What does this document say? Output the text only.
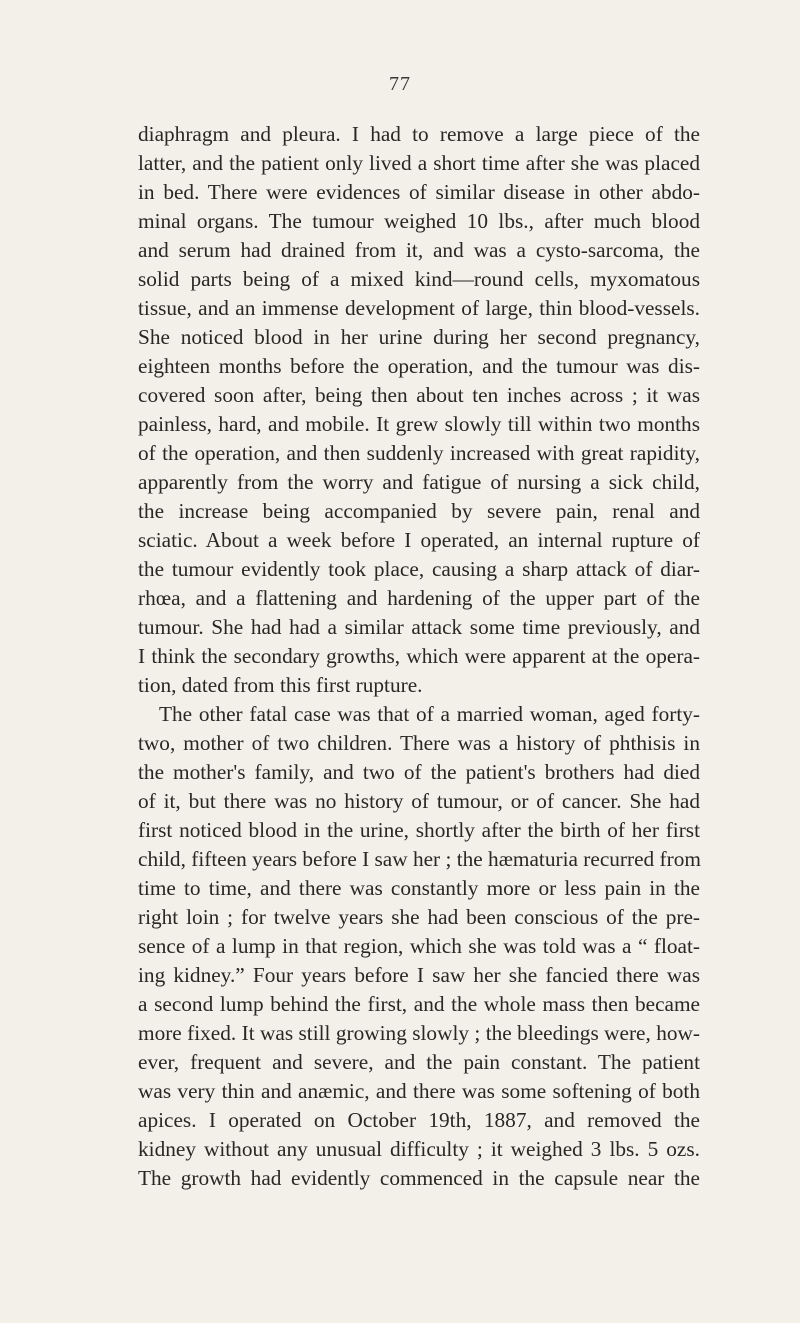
77
diaphragm and pleura. I had to remove a large piece of the
latter, and the patient only lived a short time after she was placed
in bed. There were evidences of similar disease in other abdo-
minal organs. The tumour weighed 10 lbs., after much blood
and serum had drained from it, and was a cysto-sarcoma, the
solid parts being of a mixed kind—round cells, myxomatous
tissue, and an immense development of large, thin blood-vessels.
She noticed blood in her urine during her second pregnancy,
eighteen months before the operation, and the tumour was dis-
covered soon after, being then about ten inches across ; it was
painless, hard, and mobile. It grew slowly till within two months
of the operation, and then suddenly increased with great rapidity,
apparently from the worry and fatigue of nursing a sick child,
the increase being accompanied by severe pain, renal and
sciatic. About a week before I operated, an internal rupture of
the tumour evidently took place, causing a sharp attack of diar-
rhœa, and a flattening and hardening of the upper part of the
tumour. She had had a similar attack some time previously, and
I think the secondary growths, which were apparent at the opera-
tion, dated from this first rupture.
The other fatal case was that of a married woman, aged forty-
two, mother of two children. There was a history of phthisis in
the mother's family, and two of the patient's brothers had died
of it, but there was no history of tumour, or of cancer. She had
first noticed blood in the urine, shortly after the birth of her first
child, fifteen years before I saw her ; the hæmaturia recurred from
time to time, and there was constantly more or less pain in the
right loin ; for twelve years she had been conscious of the pre-
sence of a lump in that region, which she was told was a “ float-
ing kidney.” Four years before I saw her she fancied there was
a second lump behind the first, and the whole mass then became
more fixed. It was still growing slowly ; the bleedings were, how-
ever, frequent and severe, and the pain constant. The patient
was very thin and anæmic, and there was some softening of both
apices. I operated on October 19th, 1887, and removed the
kidney without any unusual difficulty ; it weighed 3 lbs. 5 ozs.
The growth had evidently commenced in the capsule near the
